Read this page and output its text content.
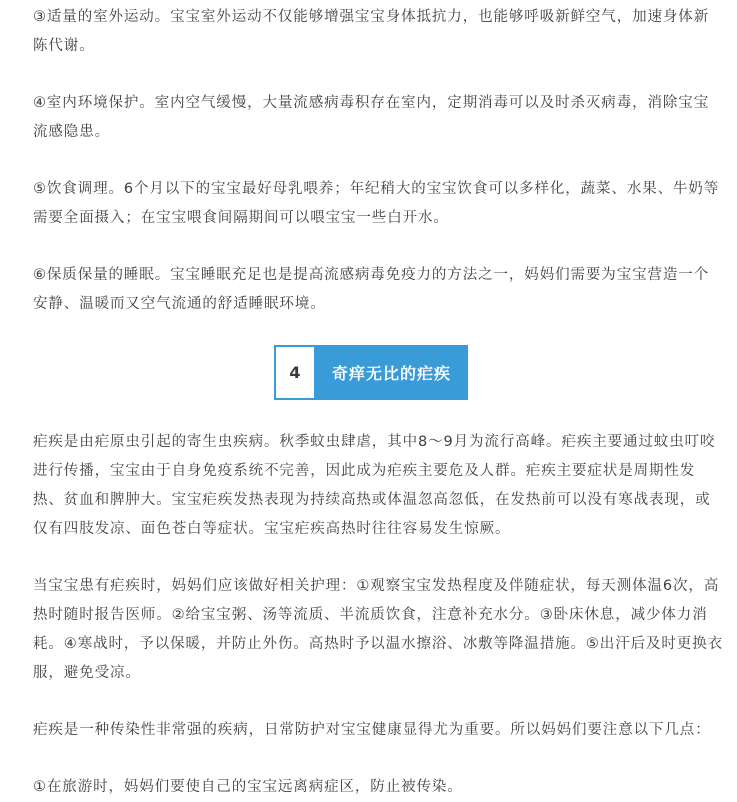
③适量的室外运动。宝宝室外运动不仅能够增强宝宝身体抵抗力，也能够呼吸新鲜空气，加速身体新陈代谢。

④室内环境保护。室内空气缓慢，大量流感病毒积存在室内，定期消毒可以及时杀灭病毒，消除宝宝流感隐患。

⑤饮食调理。6个月以下的宝宝最好母乳喂养；年纪稍大的宝宝饮食可以多样化，蔬菜、水果、牛奶等需要全面摄入；在宝宝喂食间隔期间可以喂宝宝一些白开水。

⑥保质保量的睡眠。宝宝睡眠充足也是提高流感病毒免疫力的方法之一，妈妈们需要为宝宝营造一个安静、温暖而又空气流通的舒适睡眠环境。

4	奇痒无比的疟疾

疟疾是由疟原虫引起的寄生虫疾病。秋季蚊虫肆虐，其中8～9月为流行高峰。疟疾主要通过蚊虫叮咬进行传播，宝宝由于自身免疫系统不完善，因此成为疟疾主要危及人群。疟疾主要症状是周期性发热、贫血和脾肿大。宝宝疟疾发热表现为持续高热或体温忽高忽低，在发热前可以没有寒战表现，或仅有四肢发凉、面色苍白等症状。宝宝疟疾高热时往往容易发生惊厥。

当宝宝患有疟疾时，妈妈们应该做好相关护理：①观察宝宝发热程度及伴随症状，每天测体温6次，高热时随时报告医师。②给宝宝粥、汤等流质、半流质饮食，注意补充水分。③卧床休息，减少体力消耗。④寒战时，予以保暖，并防止外伤。高热时予以温水擦浴、冰敷等降温措施。⑤出汗后及时更换衣服，避免受凉。

疟疾是一种传染性非常强的疾病，日常防护对宝宝健康显得尤为重要。所以妈妈们要注意以下几点：

①在旅游时，妈妈们要使自己的宝宝远离病症区，防止被传染。
